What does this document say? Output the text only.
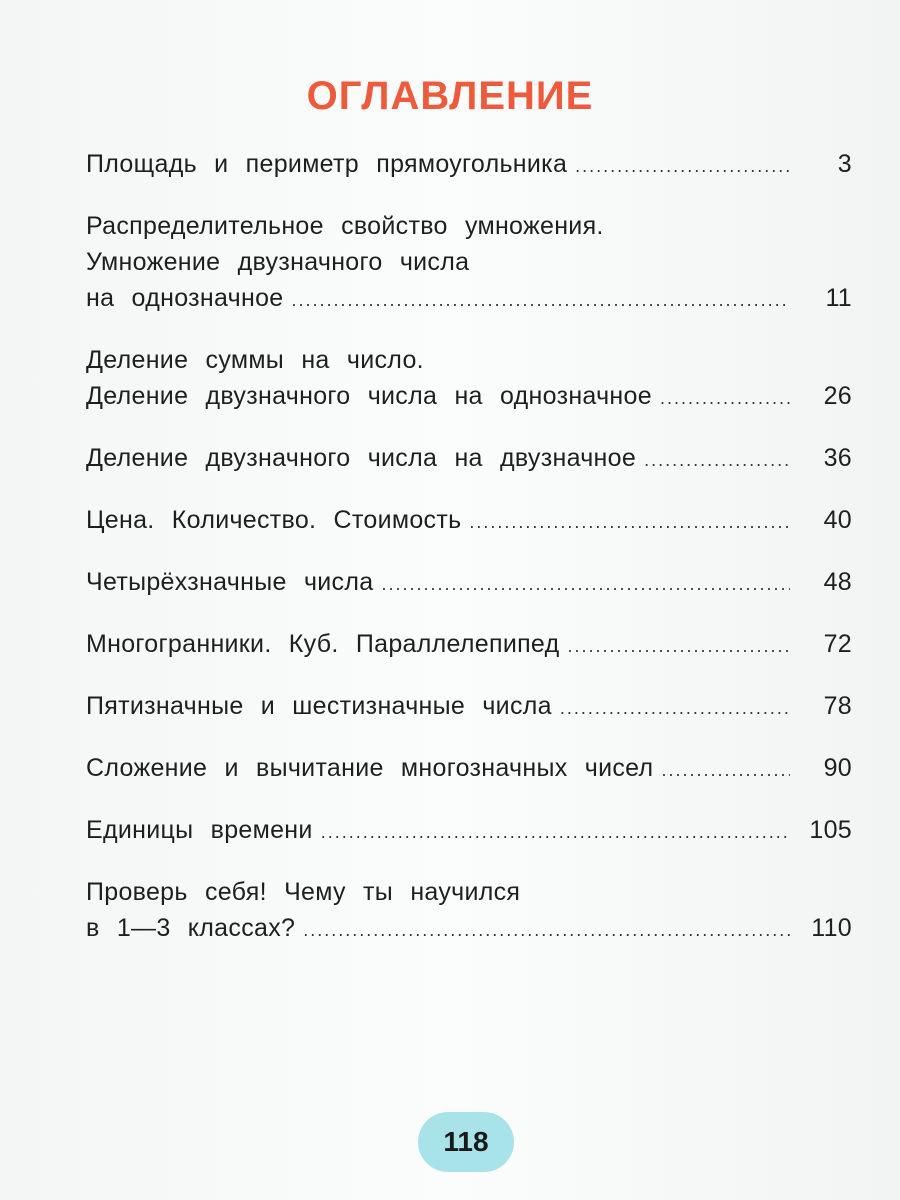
ОГЛАВЛЕНИЕ
Площадь и периметр прямоугольника .....	3
Распределительное свойство умножения.
Умножение двузначного числа
на однозначное .....	11
Деление суммы на число.
Деление двузначного числа на однозначное .....	26
Деление двузначного числа на двузначное .....	36
Цена. Количество. Стоимость .....	40
Четырёхзначные числа .....	48
Многогранники. Куб. Параллелепипед .....	72
Пятизначные и шестизначные числа .....	78
Сложение и вычитание многозначных чисел .....	90
Единицы времени .....	105
Проверь себя! Чему ты научился
в 1—3 классах? .....	110
118
